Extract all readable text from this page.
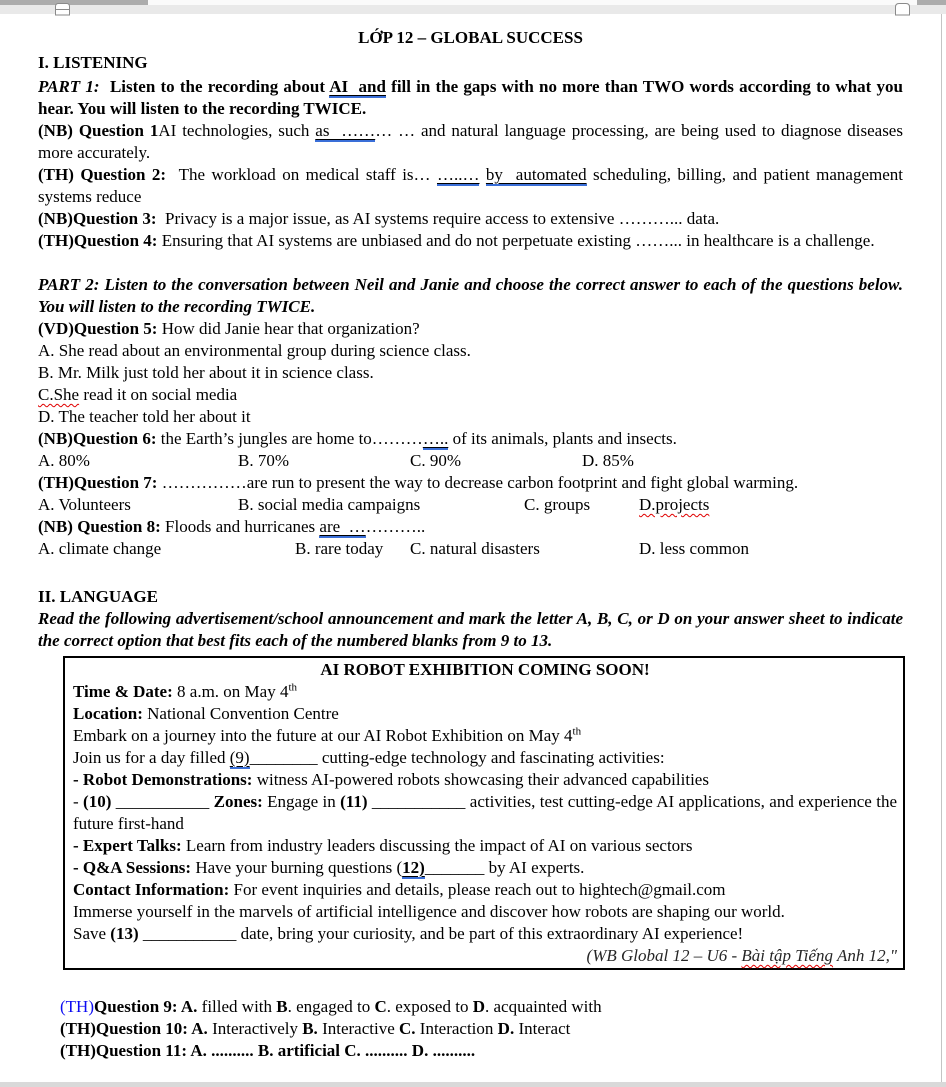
LỚP 12 – GLOBAL SUCCESS

I. LISTENING

PART 1:  Listen to the recording about AI  and fill in the gaps with no more than TWO words according to what you hear. You will listen to the recording TWICE.

(NB) Question 1AI technologies, such as  ……… … and natural language processing, are being used to diagnose diseases more accurately.

(TH) Question 2:  The workload on medical staff is… …..… by  automated scheduling, billing, and patient management systems reduce

(NB)Question 3:  Privacy is a major issue, as AI systems require access to extensive ………... data.

(TH)Question 4: Ensuring that AI systems are unbiased and do not perpetuate existing ……... in healthcare is a challenge.

PART 2: Listen to the conversation between Neil and Janie and choose the correct answer to each of the questions below. You will listen to the recording TWICE.

(VD)Question 5: How did Janie hear that organization?

A. She read about an environmental group during science class.

B. Mr. Milk just told her about it in science class.

C.She read it on social media

D. The teacher told her about it

(NB)Question 6: the Earth’s jungles are home to………….. of its animals, plants and insects.

A. 80%	B. 70%	C. 90%	D. 85%

(TH)Question 7: ……………are run to present the way to decrease carbon footprint and fight global warming.

A. Volunteers	B. social media campaigns	C. groups	D.projects

(NB) Question 8: Floods and hurricanes are  …………..

A. climate change	B. rare today C. natural disasters	D. less common

II. LANGUAGE

Read the following advertisement/school announcement and mark the letter A, B, C, or D on your answer sheet to indicate the correct option that best fits each of the numbered blanks from 9 to 13.

AI ROBOT EXHIBITION COMING SOON!

Time & Date: 8 a.m. on May 4th

Location: National Convention Centre

Embark on a journey into the future at our AI Robot Exhibition on May 4th

Join us for a day filled (9)________ cutting-edge technology and fascinating activities:

- Robot Demonstrations: witness AI-powered robots showcasing their advanced capabilities

- (10) ___________ Zones: Engage in (11) ___________ activities, test cutting-edge AI applications, and experience the future first-hand

- Expert Talks: Learn from industry leaders discussing the impact of AI on various sectors

- Q&A Sessions: Have your burning questions (12)_______ by AI experts.

Contact Information: For event inquiries and details, please reach out to hightech@gmail.com

Immerse yourself in the marvels of artificial intelligence and discover how robots are shaping our world.

Save (13) ___________ date, bring your curiosity, and be part of this extraordinary AI experience!

(WB Global 12 – U6 - Bài tập Tiếng Anh 12,"

(TH)Question 9: A. filled with B. engaged to C. exposed to D. acquainted with
(TH)Question 10: A. Interactively B. Interactive C. Interaction D. Interact
(TH)Question 11: A. .......... B. artificial C. .......... D. ..........
